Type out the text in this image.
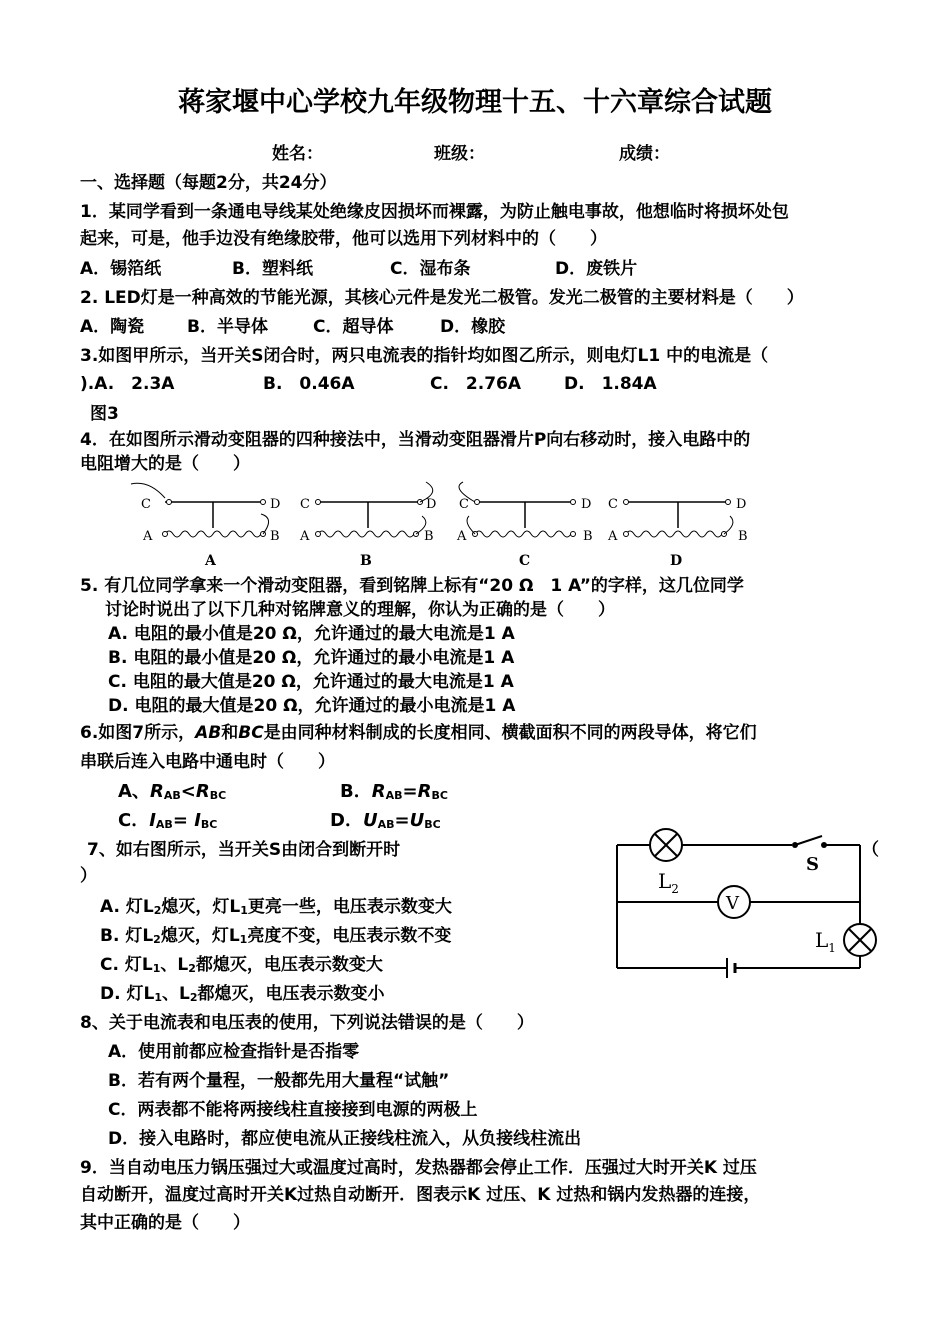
蒋家堰中心学校九年级物理十五、十六章综合试题
姓名：	班级：	成绩：
一、选择题（每题2分，共24分）
1．某同学看到一条通电导线某处绝缘皮因损坏而裸露，为防止触电事故，他想临时将损坏处包
起来，可是，他手边没有绝缘胶带，他可以选用下列材料中的（　　）
A．锡箔纸	B．塑料纸	C．湿布条	D．废铁片
2. LED灯是一种高效的节能光源，其核心元件是发光二极管。发光二极管的主要材料是（　　）
A．陶瓷	B．半导体	C．超导体	D．橡胶
3.如图甲所示，当开关S闭合时，两只电流表的指针均如图乙所示，则电灯L1 中的电流是（
).A.　2.3A	B.　0.46A	C.　2.76A	D.　1.84A
图3
4．在如图所示滑动变阻器的四种接法中，当滑动变阻器滑片P向右移动时，接入电路中的
电阻增大的是（　　）
C	D
A	B
A
C	D
A	B
B
C	D
A	B
C
C	D
A	B
D
5. 有几位同学拿来一个滑动变阻器，看到铭牌上标有“20 Ω　1 A”的字样，这几位同学
讨论时说出了以下几种对铭牌意义的理解，你认为正确的是（　　）
A. 电阻的最小值是20 Ω，允许通过的最大电流是1 A
B. 电阻的最小值是20 Ω，允许通过的最小电流是1 A
C. 电阻的最大值是20 Ω，允许通过的最大电流是1 A
D. 电阻的最大值是20 Ω，允许通过的最小电流是1 A
6.如图7所示，AB和BC是由同种材料制成的长度相同、横截面积不同的两段导体，将它们
串联后连入电路中通电时（　　）
A、RAB<RBC	B．RAB=RBC
C．IAB= IBC	D．UAB=UBC
7、如右图所示，当开关S由闭合到断开时
）
（
A. 灯L2熄灭，灯L1更亮一些，电压表示数变大
B. 灯L2熄灭，灯L1亮度不变，电压表示数不变
C. 灯L1、L2都熄灭，电压表示数变大
D. 灯L1、L2都熄灭，电压表示数变小
$L_2$
S
V
$L_1$
8、关于电流表和电压表的使用，下列说法错误的是（　　）
A．使用前都应检查指针是否指零
B．若有两个量程，一般都先用大量程“试触”
C．两表都不能将两接线柱直接接到电源的两极上
D．接入电路时，都应使电流从正接线柱流入，从负接线柱流出
9．当自动电压力锅压强过大或温度过高时，发热器都会停止工作．压强过大时开关K 过压
自动断开，温度过高时开关K过热自动断开．图表示K 过压、K 过热和锅内发热器的连接，
其中正确的是（　　）
